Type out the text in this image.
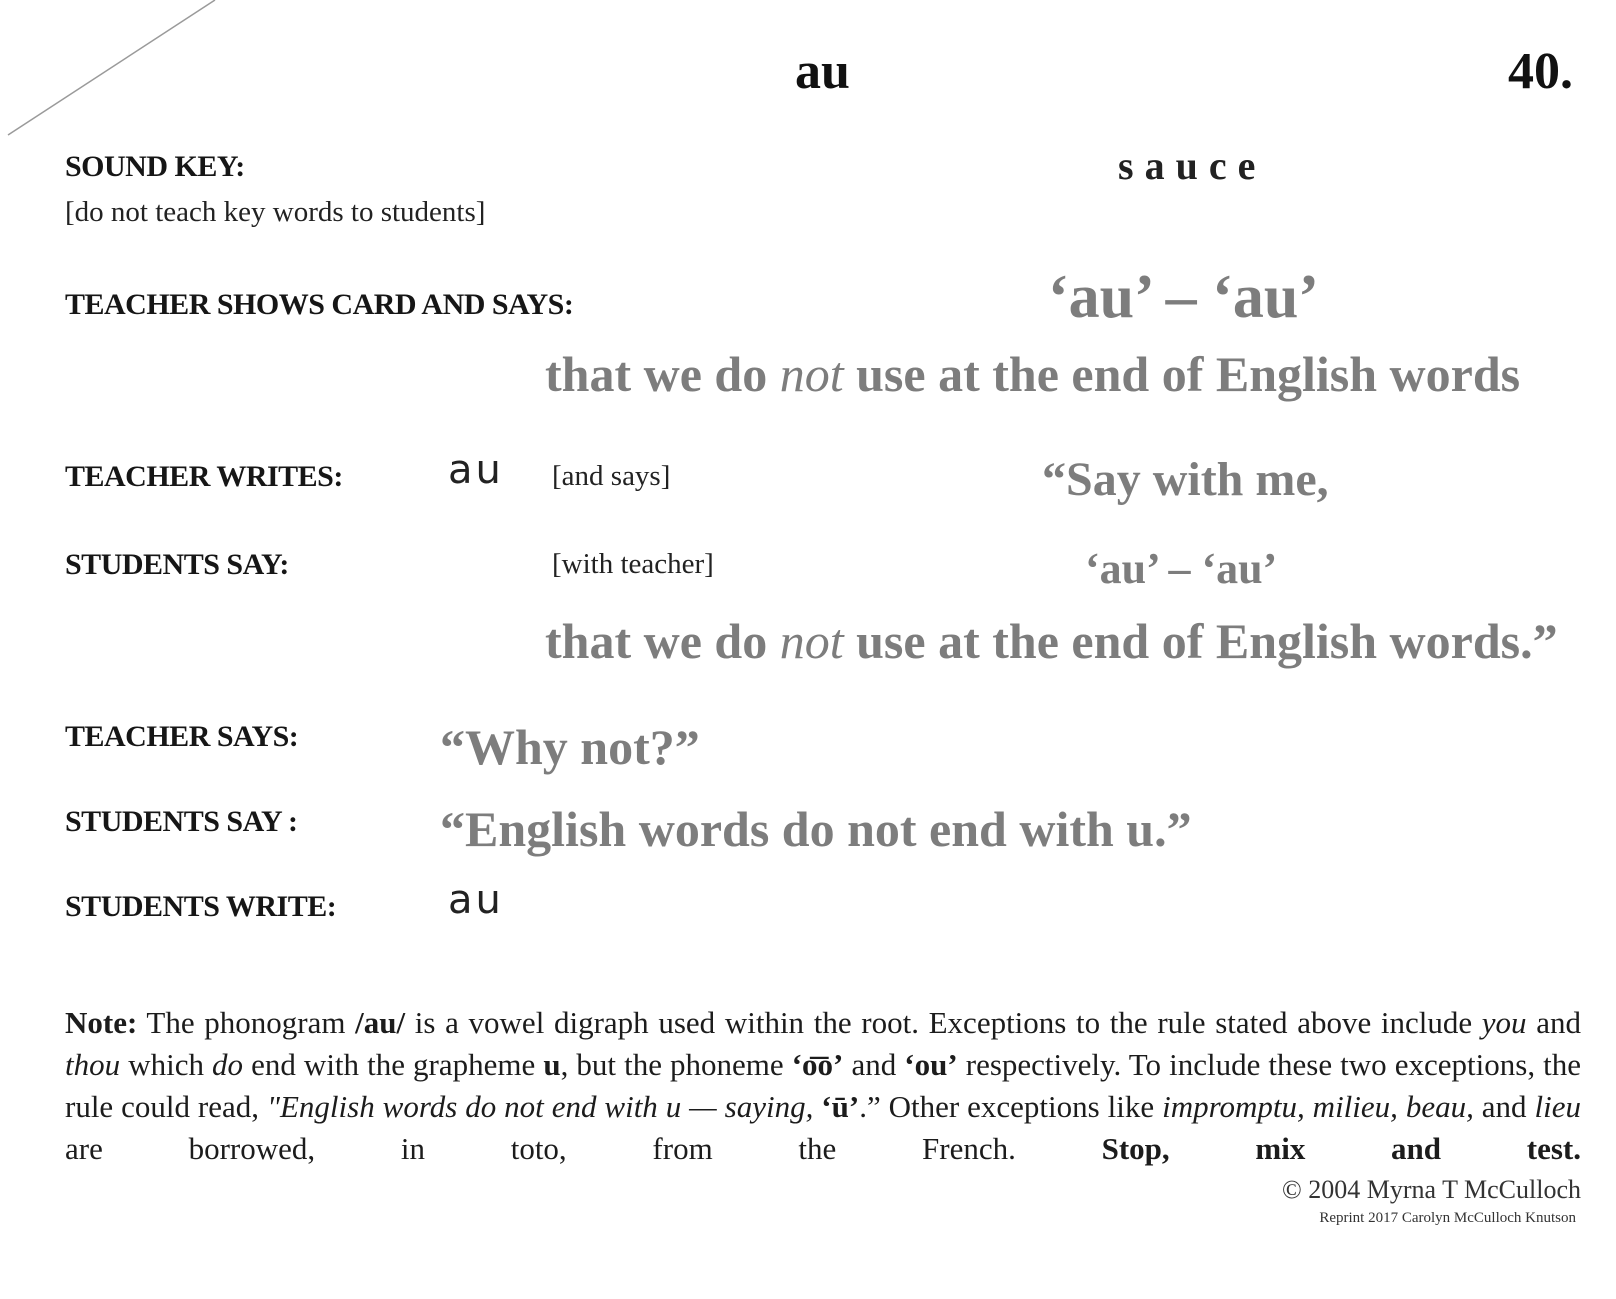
au	40.
SOUND KEY:
[do not teach key words to students]
sauce
TEACHER SHOWS CARD AND SAYS:	‘au’ – ‘au’
that we do not use at the end of English words
TEACHER WRITES:	au [and says]	“Say with me,
STUDENTS SAY:	[with teacher]	‘au’ – ‘au’
that we do not use at the end of English words.”
TEACHER SAYS:	“Why not?”
STUDENTS SAY :	“English words do not end with u.”
STUDENTS WRITE:	au
Note: The phonogram /au/ is a vowel digraph used within the root. Exceptions to the rule stated above include you and thou which do end with the grapheme u, but the phoneme ‘o͞o’ and ‘ou’ respectively. To include these two exceptions, the rule could read, "English words do not end with u — saying, ‘ū’.” Other exceptions like impromptu, milieu, beau, and lieu are borrowed, in toto, from the French. Stop, mix and test.
© 2004 Myrna T McCulloch
Reprint 2017 Carolyn McCulloch Knutson
